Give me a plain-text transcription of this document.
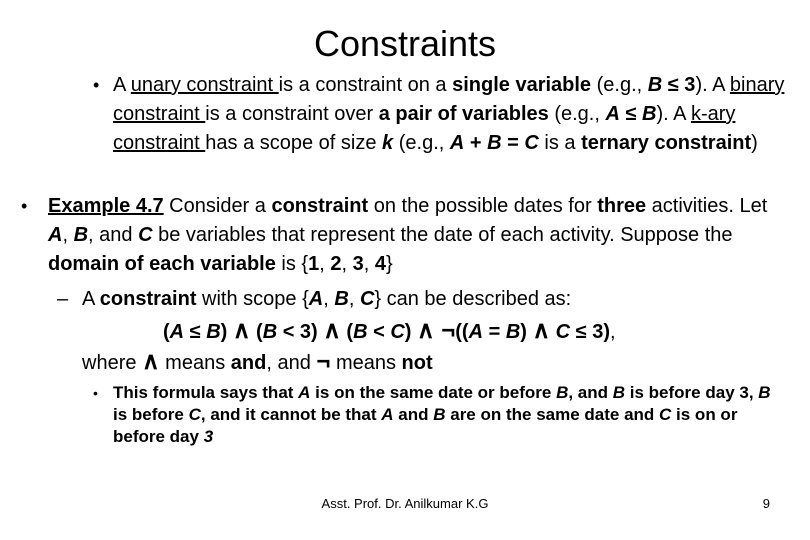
Constraints
• A unary constraint is a constraint on a single variable (e.g., B ≤ 3). A binary constraint is a constraint over a pair of variables (e.g., A ≤ B). A k-ary constraint has a scope of size k (e.g., A + B = C is a ternary constraint)
• Example 4.7 Consider a constraint on the possible dates for three activities. Let A, B, and C be variables that represent the date of each activity. Suppose the domain of each variable is {1, 2, 3, 4}
– A constraint with scope {A, B, C} can be described as:
(A ≤ B) ∧ (B < 3) ∧ (B < C) ∧ ¬((A = B) ∧ C ≤ 3),
where ∧ means and, and ¬ means not
• This formula says that A is on the same date or before B, and B is before day 3, B is before C, and it cannot be that A and B are on the same date and C is on or before day 3
Asst. Prof. Dr. Anilkumar K.G	9
